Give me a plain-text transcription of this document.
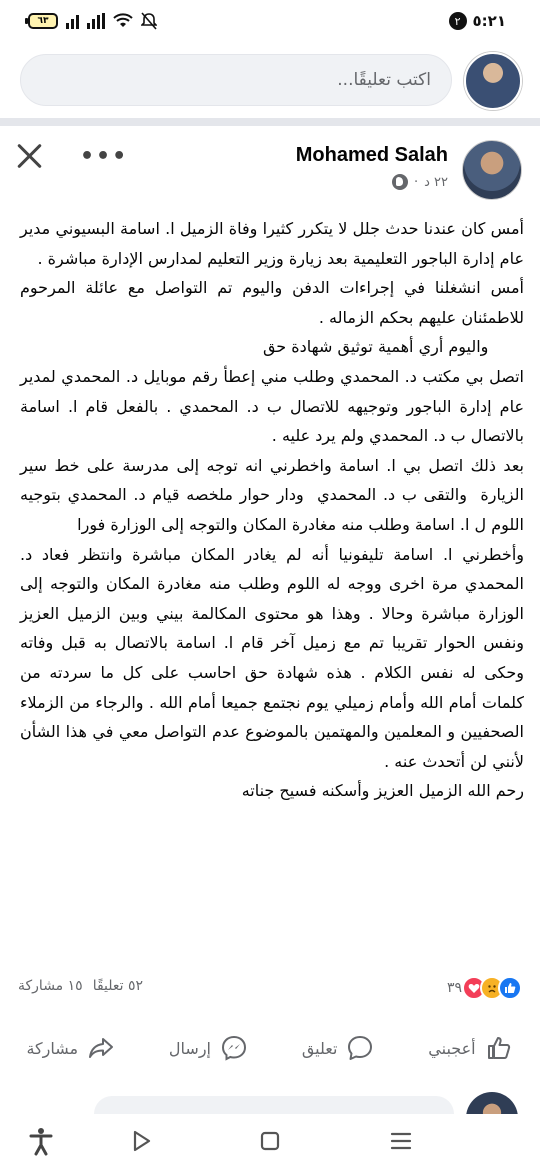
٢ ٥:٢١
٦٣
اكتب تعليقًا...
Mohamed Salah
٢٢ د
·
•••
أمس كان عندنا حدث جلل لا يتكرر كثيرا وفاة الزميل ا. اسامة البسيوني مدير عام إدارة الباجور التعليمية بعد زيارة وزير التعليم لمدارس الإدارة مباشرة .
أمس انشغلنا في إجراءات الدفن واليوم تم التواصل مع عائلة المرحوم للاطمئنان عليهم بحكم الزماله .
واليوم أري أهمية توثيق شهادة حق
اتصل بي مكتب د. المحمدي وطلب مني إعطأ رقم موبايل د. المحمدي لمدير عام إدارة الباجور وتوجيهه للاتصال ب د. المحمدي . بالفعل قام ا. اسامة بالاتصال ب د. المحمدي ولم يرد عليه .
بعد ذلك اتصل بي ا. اسامة واخطرني انه توجه إلى مدرسة على خط سير الزيارة  والتقى ب د. المحمدي  ودار حوار ملخصه قيام د. المحمدي بتوجيه اللوم ل ا. اسامة وطلب منه مغادرة المكان والتوجه إلى الوزارة فورا
وأخطرني ا. اسامة تليفونيا أنه لم يغادر المكان مباشرة وانتظر فعاد د. المحمدي مرة اخرى ووجه له اللوم وطلب منه مغادرة المكان والتوجه إلى الوزارة مباشرة وحالا . وهذا هو محتوى المكالمة بيني وبين الزميل العزيز ونفس الحوار تقريبا تم مع زميل آخر قام ا. اسامة بالاتصال به قبل وفاته وحكى له نفس الكلام . هذه شهادة حق احاسب على كل ما سردته من كلمات أمام الله وأمام زميلي يوم نجتمع جميعا أمام الله . والرجاء من الزملاء الصحفيين و المعلمين والمهتمين بالموضوع عدم التواصل معي في هذا الشأن لأنني لن أتحدث عنه .
رحم الله الزميل العزيز وأسكنه فسيح جناته
٣٩
٥٢ تعليقًا
١٥ مشاركة
أعجبني
تعليق
إرسال
مشاركة
